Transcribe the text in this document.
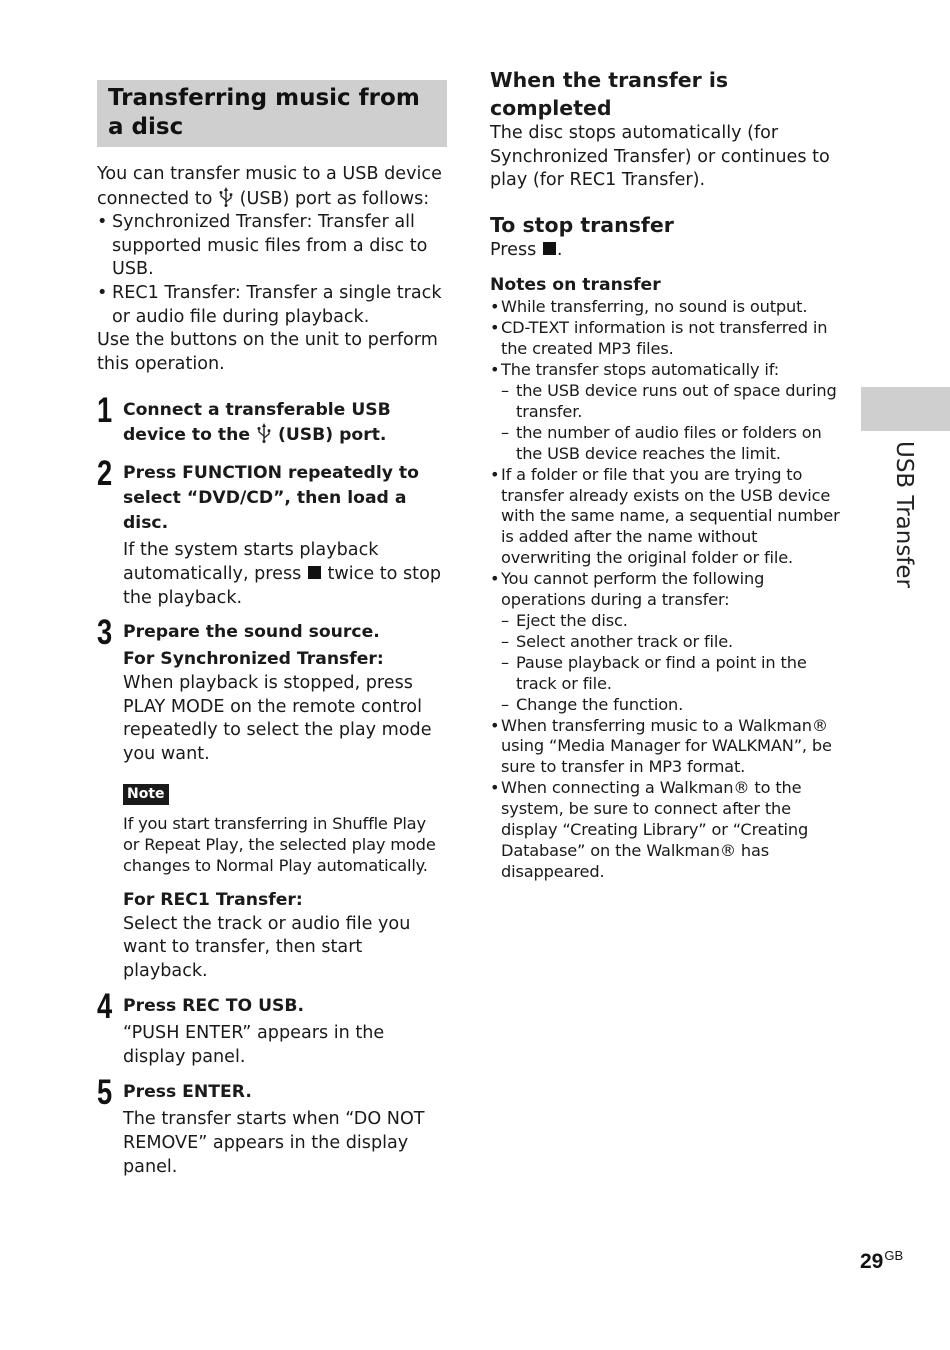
Transferring music from a disc
You can transfer music to a USB device connected to (USB) port as follows:
• Synchronized Transfer: Transfer all supported music files from a disc to USB.
• REC1 Transfer: Transfer a single track or audio file during playback.
Use the buttons on the unit to perform this operation.
1 Connect a transferable USB device to the (USB) port.
2 Press FUNCTION repeatedly to select “DVD/CD”, then load a disc.
If the system starts playback automatically, press twice to stop the playback.
3 Prepare the sound source.
For Synchronized Transfer:
When playback is stopped, press PLAY MODE on the remote control repeatedly to select the play mode you want.
Note
If you start transferring in Shuffle Play or Repeat Play, the selected play mode changes to Normal Play automatically.
For REC1 Transfer:
Select the track or audio file you want to transfer, then start playback.
4 Press REC TO USB.
“PUSH ENTER” appears in the display panel.
5 Press ENTER.
The transfer starts when “DO NOT REMOVE” appears in the display panel.
When the transfer is completed
The disc stops automatically (for Synchronized Transfer) or continues to play (for REC1 Transfer).
To stop transfer
Press .
Notes on transfer
• While transferring, no sound is output.
• CD-TEXT information is not transferred in the created MP3 files.
• The transfer stops automatically if:
– the USB device runs out of space during transfer.
– the number of audio files or folders on the USB device reaches the limit.
• If a folder or file that you are trying to transfer already exists on the USB device with the same name, a sequential number is added after the name without overwriting the original folder or file.
• You cannot perform the following operations during a transfer:
– Eject the disc.
– Select another track or file.
– Pause playback or find a point in the track or file.
– Change the function.
• When transferring music to a Walkman® using “Media Manager for WALKMAN”, be sure to transfer in MP3 format.
• When connecting a Walkman® to the system, be sure to connect after the display “Creating Library” or “Creating Database” on the Walkman® has disappeared.
USB Transfer
$29^{GB}$
